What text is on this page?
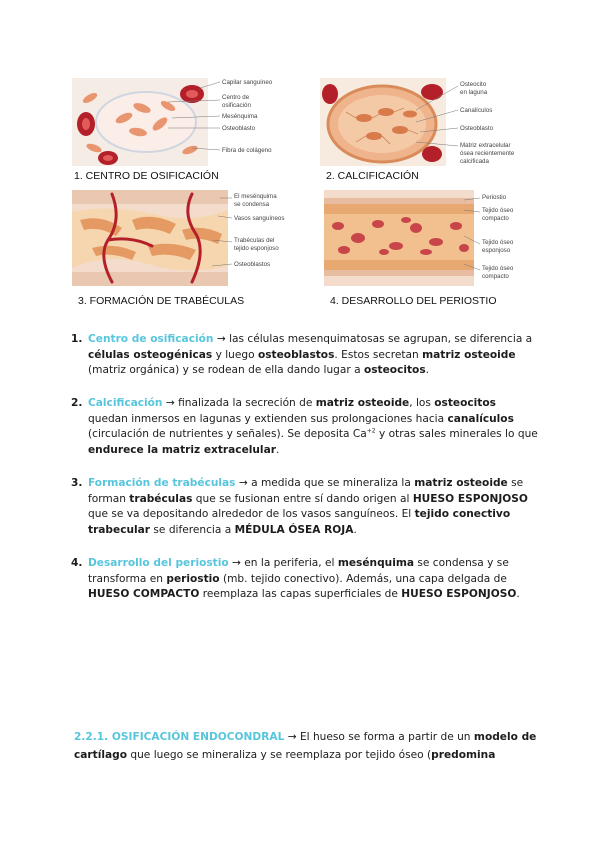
Capilar sanguíneo
Centro de
osificación
Mesénquima
Osteoblasto
Fibra de colágeno
1. CENTRO DE OSIFICACIÓN
Osteocito
en laguna
Canalículos
Osteoblasto
Matriz extracelular
ósea recientemente
calcificada
2. CALCIFICACIÓN
El mesénquima
se condensa
Vasos sanguíneos
Trabéculas del
tejido esponjoso
Osteoblastos
3. FORMACIÓN DE TRABÉCULAS
Periostio
Tejido óseo
compacto
Tejido óseo
esponjoso
Tejido óseo
compacto
4. DESARROLLO DEL PERIOSTIO
1. Centro de osificación → las células mesenquimatosas se agrupan, se diferencia a células osteogénicas y luego osteoblastos. Estos secretan matriz osteoide (matriz orgánica) y se rodean de ella dando lugar a osteocitos.
2. Calcificación → finalizada la secreción de matriz osteoide, los osteocitos quedan inmersos en lagunas y extienden sus prolongaciones hacia canalículos (circulación de nutrientes y señales). Se deposita $Ca^{+2}$ y otras sales minerales lo que endurece la matriz extracelular.
3. Formación de trabéculas → a medida que se mineraliza la matriz osteoide se forman trabéculas que se fusionan entre sí dando origen al HUESO ESPONJOSO que se va depositando alrededor de los vasos sanguíneos. El tejido conectivo trabecular se diferencia a MÉDULA ÓSEA ROJA.
4. Desarrollo del periostio → en la periferia, el mesénquima se condensa y se transforma en periostio (mb. tejido conectivo). Además, una capa delgada de HUESO COMPACTO reemplaza las capas superficiales de HUESO ESPONJOSO.
2.2.1. OSIFICACIÓN ENDOCONDRAL → El hueso se forma a partir de un modelo de cartílago que luego se mineraliza y se reemplaza por tejido óseo (predomina
